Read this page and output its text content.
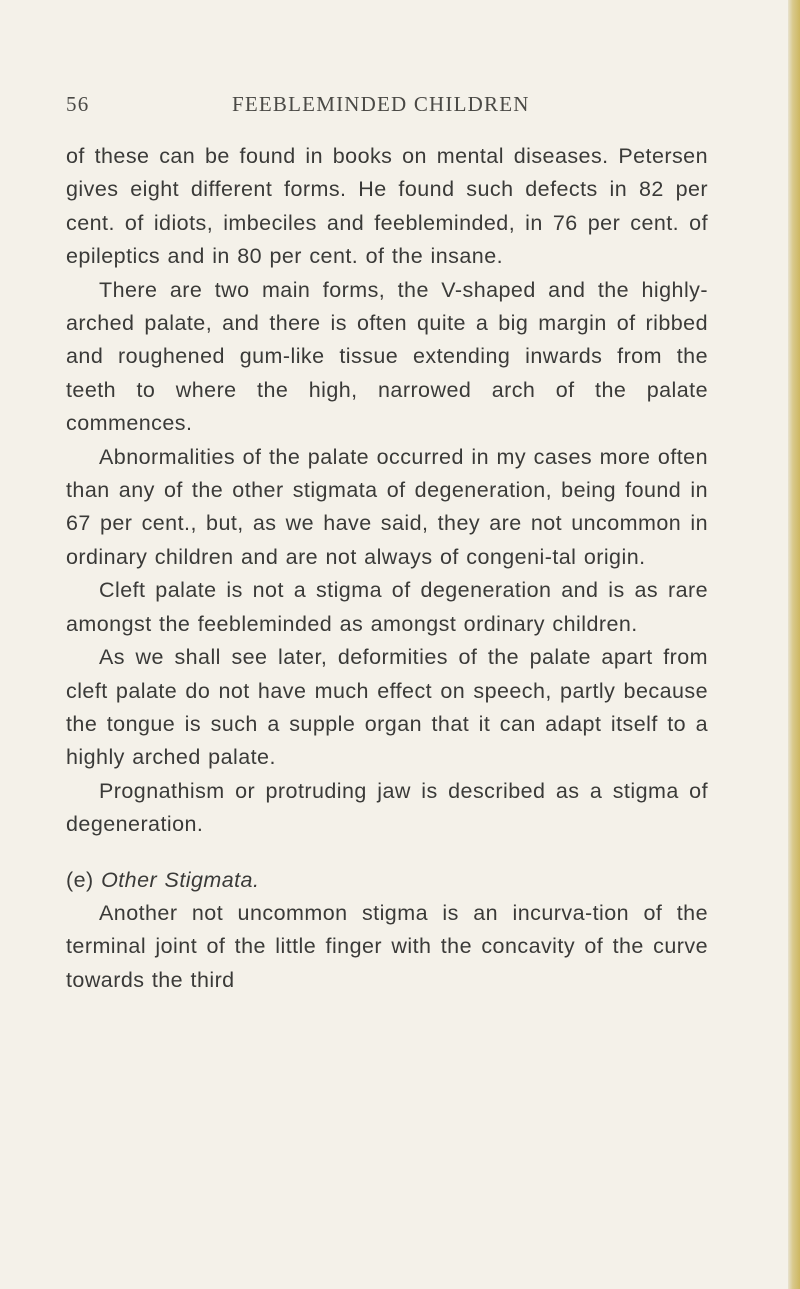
56	FEEBLEMINDED CHILDREN

of these can be found in books on mental diseases. Petersen gives eight different forms. He found such defects in 82 per cent. of idiots, imbeciles and feebleminded, in 76 per cent. of epileptics and in 80 per cent. of the insane.

There are two main forms, the V-shaped and the highly-arched palate, and there is often quite a big margin of ribbed and roughened gum-like tissue extending inwards from the teeth to where the high, narrowed arch of the palate commences.

Abnormalities of the palate occurred in my cases more often than any of the other stigmata of degeneration, being found in 67 per cent., but, as we have said, they are not uncommon in ordinary children and are not always of congeni-tal origin.

Cleft palate is not a stigma of degeneration and is as rare amongst the feebleminded as amongst ordinary children.

As we shall see later, deformities of the palate apart from cleft palate do not have much effect on speech, partly because the tongue is such a supple organ that it can adapt itself to a highly arched palate.

Prognathism or protruding jaw is described as a stigma of degeneration.

(e) Other Stigmata.

Another not uncommon stigma is an incurva-tion of the terminal joint of the little finger with the concavity of the curve towards the third
